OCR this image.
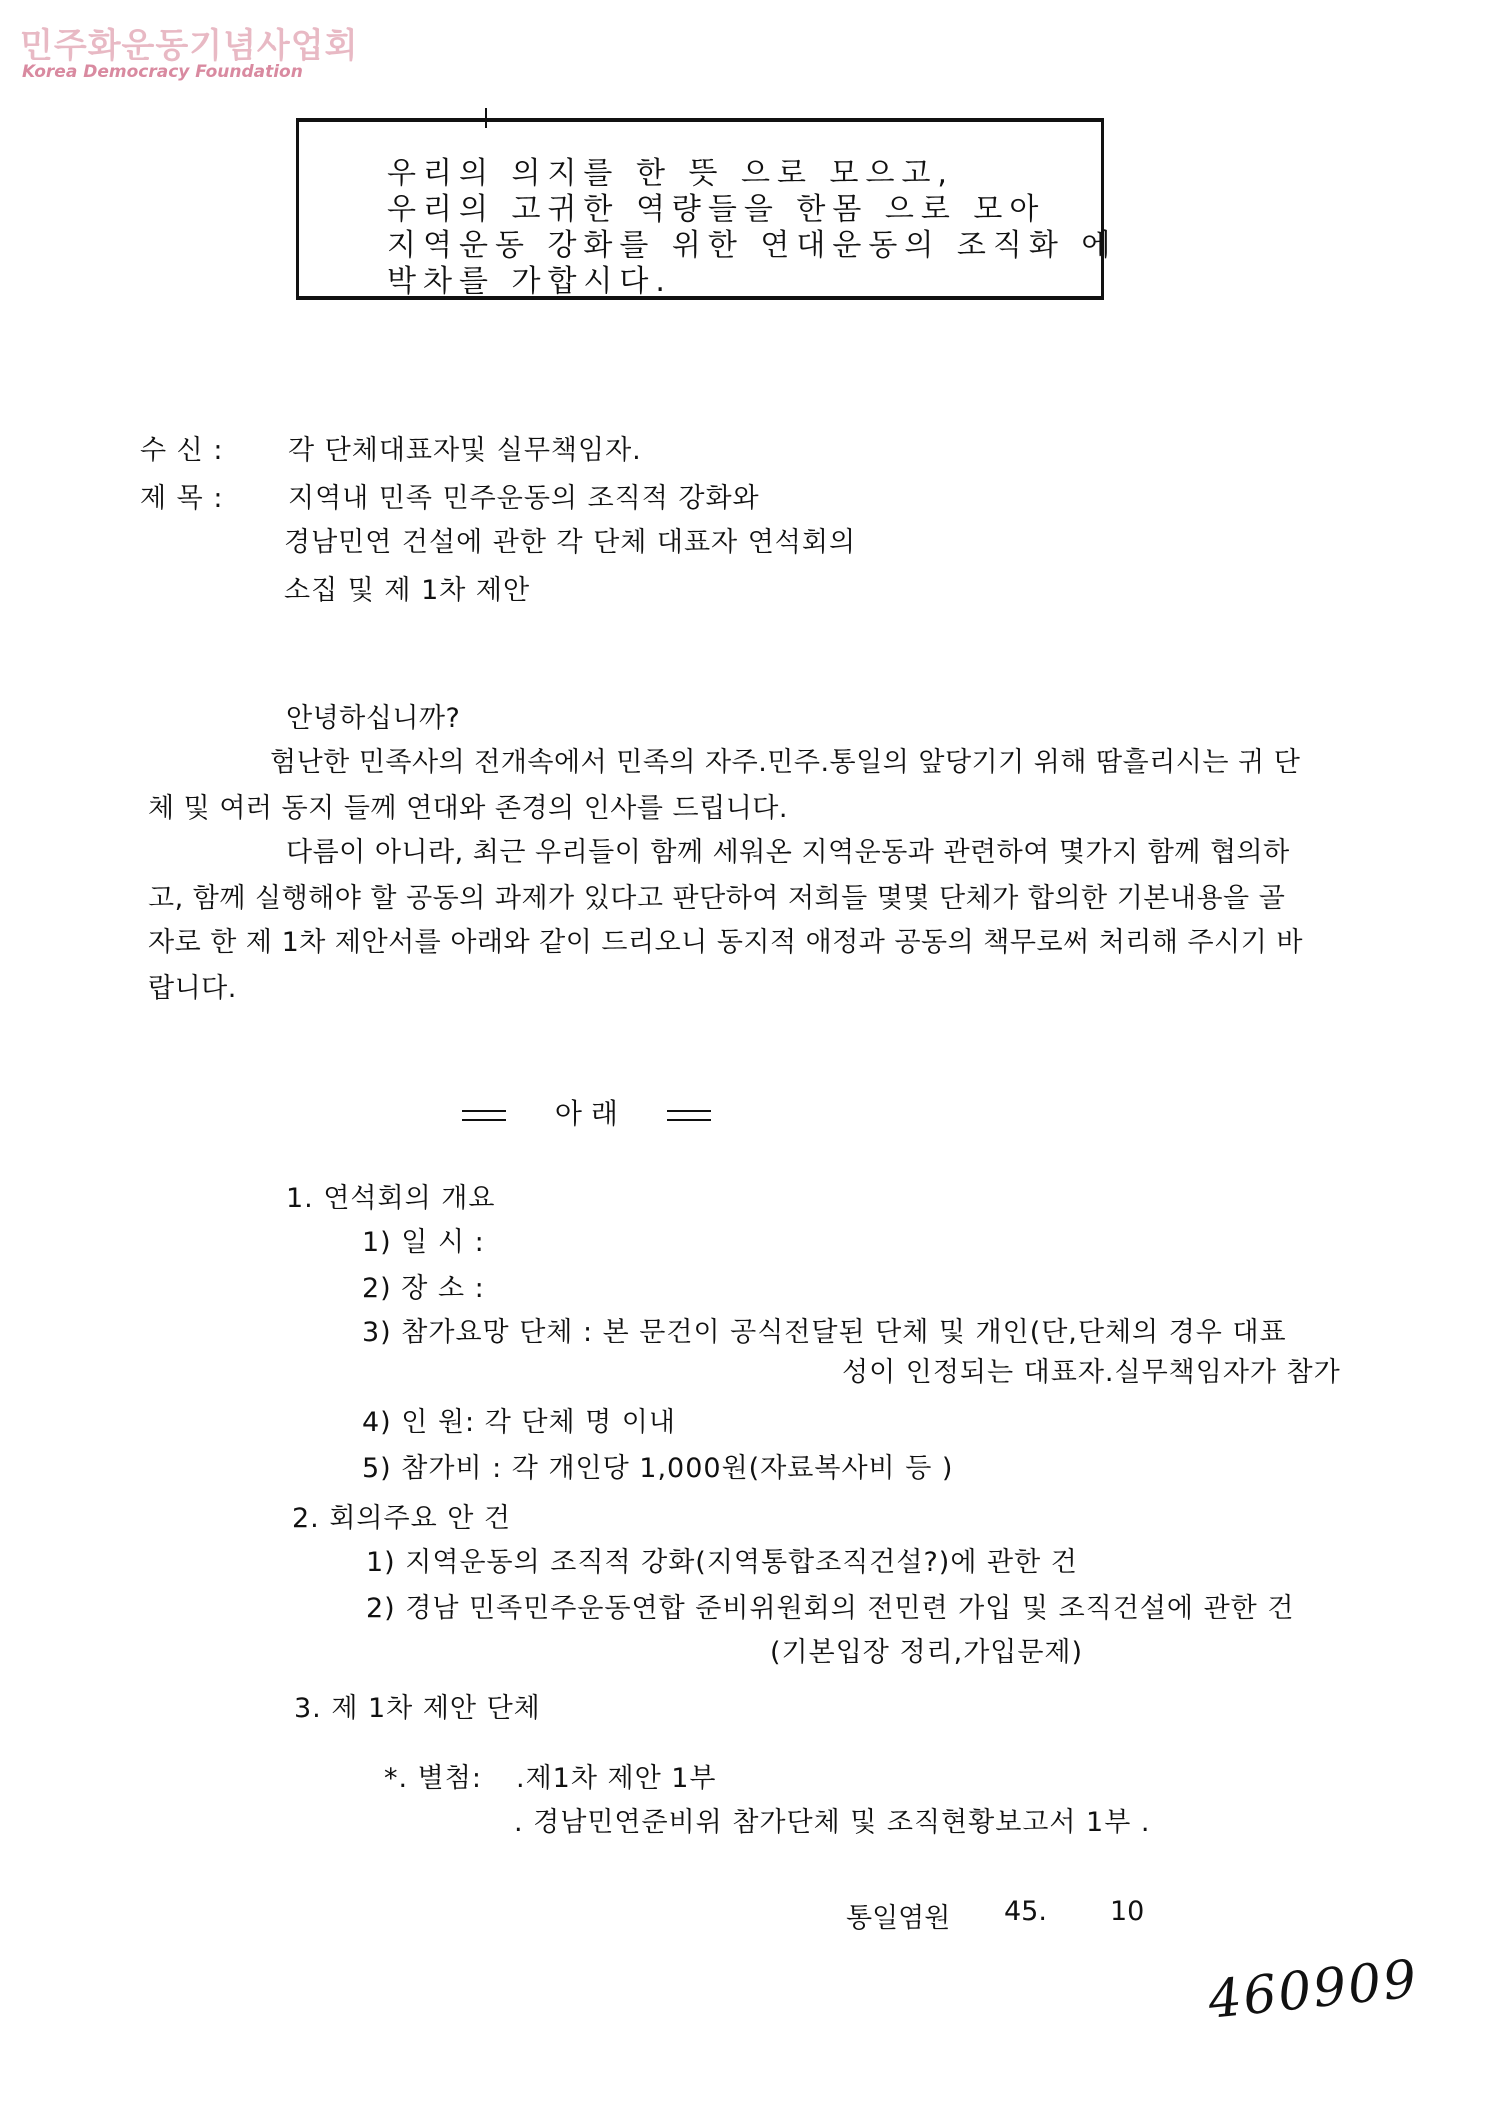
민주화운동기념사업회
Korea Democracy Foundation
우리의 의지를 한 뜻 으로 모으고,
우리의 고귀한 역량들을 한몸 으로 모아
지역운동 강화를 위한 연대운동의 조직화 에
박차를 가합시다.
수 신 : 각 단체대표자및 실무책임자.
제 목 : 지역내 민족 민주운동의 조직적 강화와
경남민연 건설에 관한 각 단체 대표자 연석회의
소집 및 제 1차 제안
안녕하십니까?
험난한 민족사의 전개속에서 민족의 자주.민주.통일의 앞당기기 위해 땀흘리시는 귀 단
체 및 여러 동지 들께 연대와 존경의 인사를 드립니다.
다름이 아니라, 최근 우리들이 함께 세워온 지역운동과 관련하여 몇가지 함께 협의하
고, 함께 실행해야 할 공동의 과제가 있다고 판단하여 저희들 몇몇 단체가 합의한 기본내용을 골
자로 한 제 1차 제안서를 아래와 같이 드리오니 동지적 애정과 공동의 책무로써 처리해 주시기 바
랍니다.
아 래
1. 연석회의 개요
1) 일 시 :
2) 장 소 :
3) 참가요망 단체 : 본 문건이 공식전달된 단체 및 개인(단,단체의 경우 대표
성이 인정되는 대표자.실무책임자가 참가
4) 인 원: 각 단체 명 이내
5) 참가비 : 각 개인당 1,000원(자료복사비 등 )
2. 회의주요 안 건
1) 지역운동의 조직적 강화(지역통합조직건설?)에 관한 건
2) 경남 민족민주운동연합 준비위원회의 전민련 가입 및 조직건설에 관한 건
(기본입장 정리,가입문제)
3. 제 1차 제안 단체
*. 별첨: .제1차 제안 1부
. 경남민연준비위 참가단체 및 조직현황보고서 1부 .
통일염원 45. 10
460909
